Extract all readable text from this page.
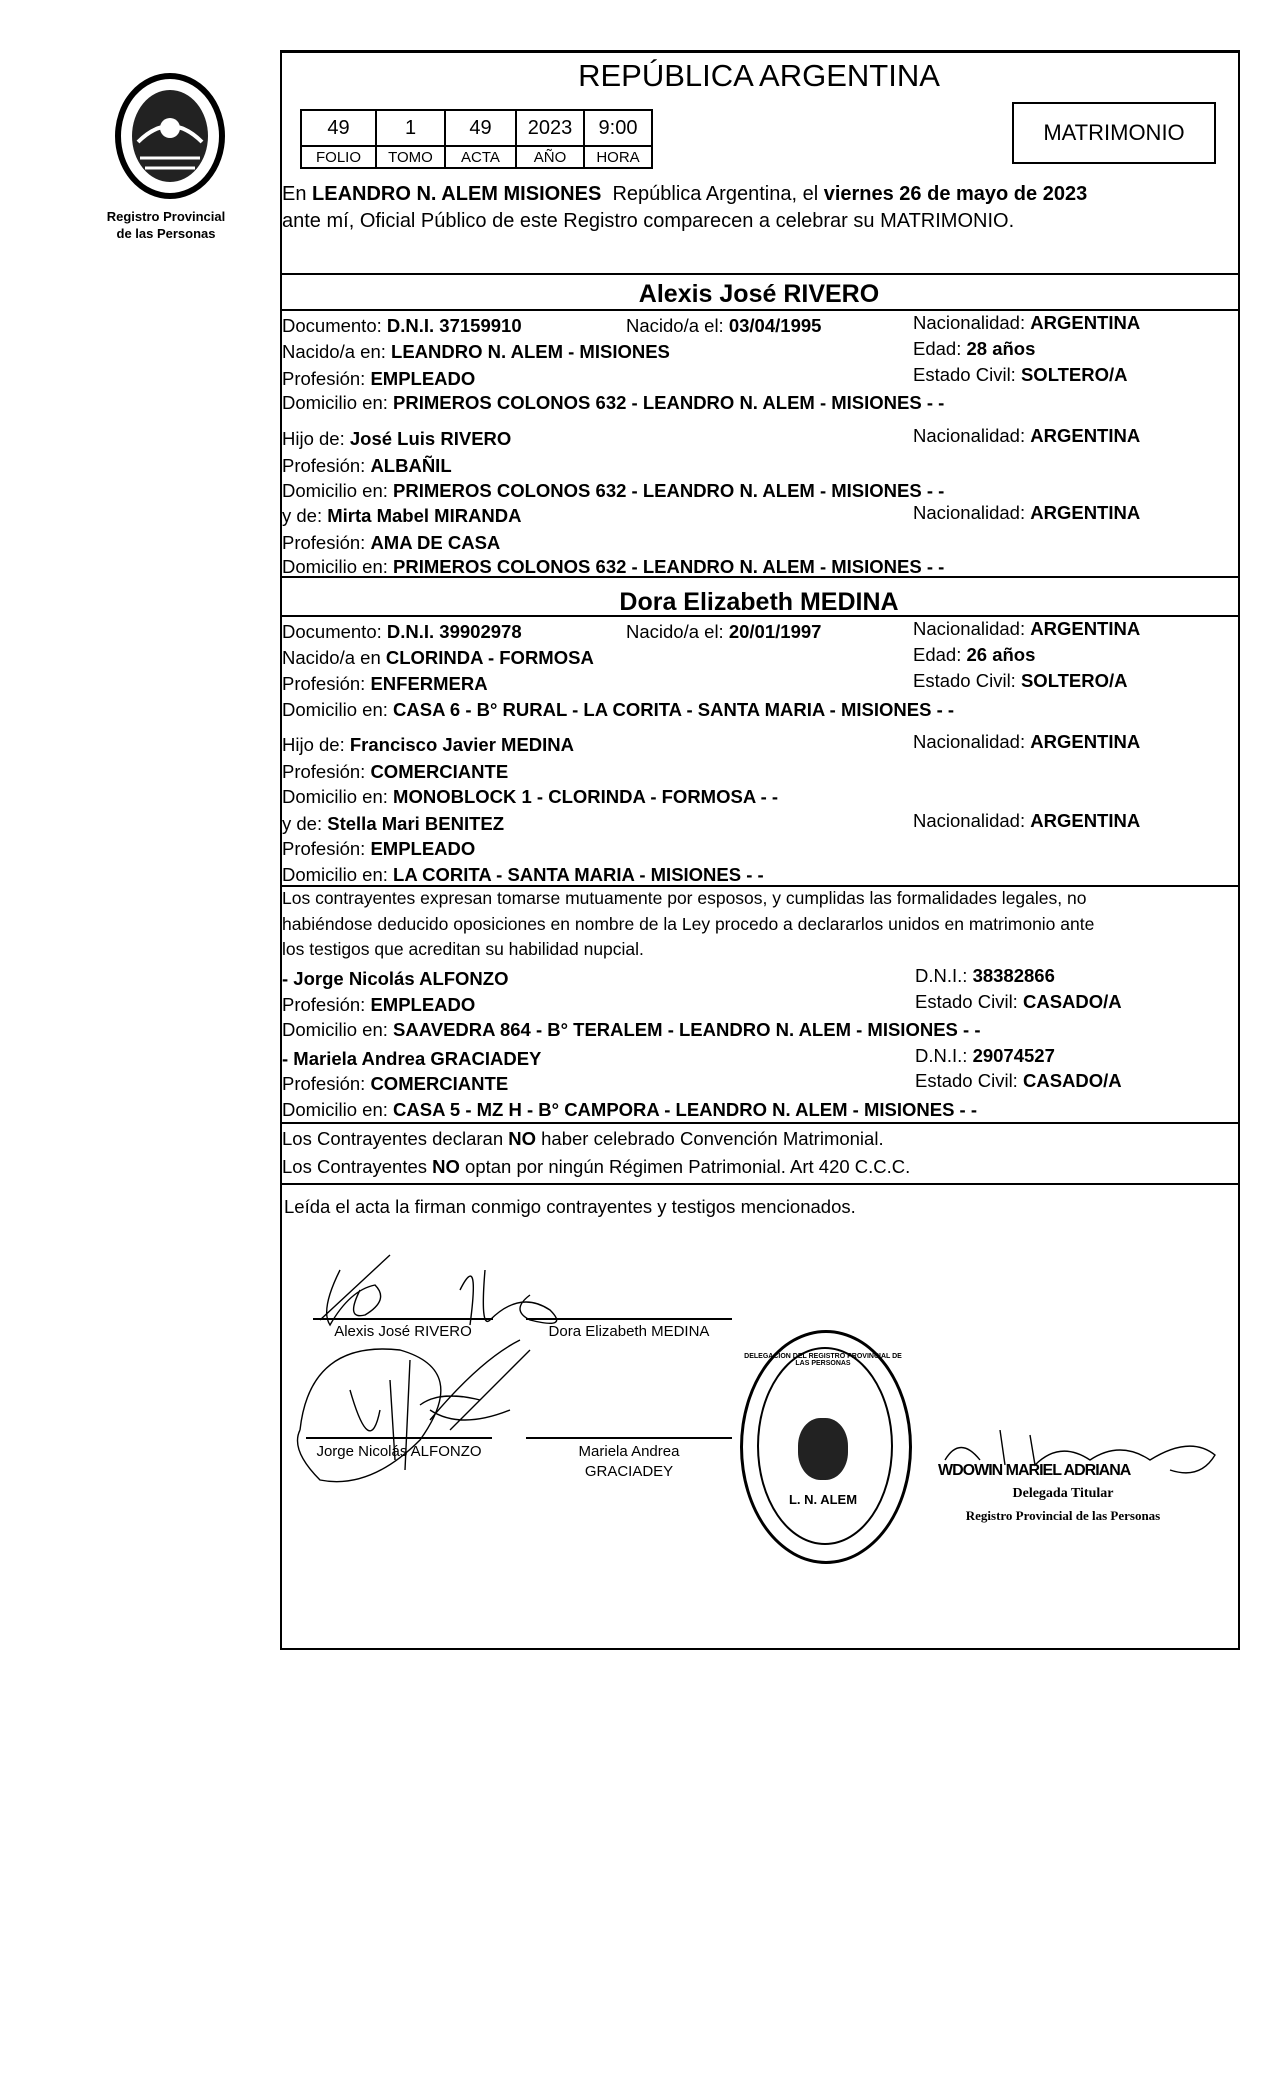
Registro Provincial
de las Personas
REPÚBLICA ARGENTINA
49	1	49	2023	9:00
FOLIO	TOMO	ACTA	AÑO	HORA
MATRIMONIO
En LEANDRO N. ALEM MISIONES República Argentina, el viernes 26 de mayo de 2023
ante mí, Oficial Público de este Registro comparecen a celebrar su MATRIMONIO.
Alexis José RIVERO
Documento: D.N.I. 37159910	Nacido/a el: 03/04/1995	Nacionalidad: ARGENTINA
Nacido/a en: LEANDRO N. ALEM - MISIONES	Edad: 28 años
Profesión: EMPLEADO	Estado Civil: SOLTERO/A
Domicilio en: PRIMEROS COLONOS 632 - LEANDRO N. ALEM - MISIONES - -
Hijo de: José Luis RIVERO	Nacionalidad: ARGENTINA
Profesión: ALBAÑIL
Domicilio en: PRIMEROS COLONOS 632 - LEANDRO N. ALEM - MISIONES - -
y de: Mirta Mabel MIRANDA	Nacionalidad: ARGENTINA
Profesión: AMA DE CASA
Domicilio en: PRIMEROS COLONOS 632 - LEANDRO N. ALEM - MISIONES - -
Dora Elizabeth MEDINA
Documento: D.N.I. 39902978	Nacido/a el: 20/01/1997	Nacionalidad: ARGENTINA
Nacido/a en CLORINDA - FORMOSA	Edad: 26 años
Profesión: ENFERMERA	Estado Civil: SOLTERO/A
Domicilio en: CASA 6 - B° RURAL - LA CORITA - SANTA MARIA - MISIONES - -
Hijo de: Francisco Javier MEDINA	Nacionalidad: ARGENTINA
Profesión: COMERCIANTE
Domicilio en: MONOBLOCK 1 - CLORINDA - FORMOSA - -
y de: Stella Mari BENITEZ	Nacionalidad: ARGENTINA
Profesión: EMPLEADO
Domicilio en: LA CORITA - SANTA MARIA - MISIONES - -
Los contrayentes expresan tomarse mutuamente por esposos, y cumplidas las formalidades legales, no
habiéndose deducido oposiciones en nombre de la Ley procedo a declararlos unidos en matrimonio ante
los testigos que acreditan su habilidad nupcial.
- Jorge Nicolás ALFONZO	D.N.I.: 38382866
Profesión: EMPLEADO	Estado Civil: CASADO/A
Domicilio en: SAAVEDRA 864 - B° TERALEM - LEANDRO N. ALEM - MISIONES - -
- Mariela Andrea GRACIADEY	D.N.I.: 29074527
Profesión: COMERCIANTE	Estado Civil: CASADO/A
Domicilio en: CASA 5 - MZ H - B° CAMPORA - LEANDRO N. ALEM - MISIONES - -
Los Contrayentes declaran NO haber celebrado Convención Matrimonial.
Los Contrayentes NO optan por ningún Régimen Patrimonial. Art 420 C.C.C.
Leída el acta la firman conmigo contrayentes y testigos mencionados.
Alexis José RIVERO	Dora Elizabeth MEDINA
Jorge Nicolás ALFONZO	Mariela Andrea
GRACIADEY
L. N. ALEM
DELEGACION DEL REGISTRO PROVINCIAL DE LAS PERSONAS
WDOWIN MARIEL ADRIANA
Delegada Titular
Registro Provincial de las Personas
